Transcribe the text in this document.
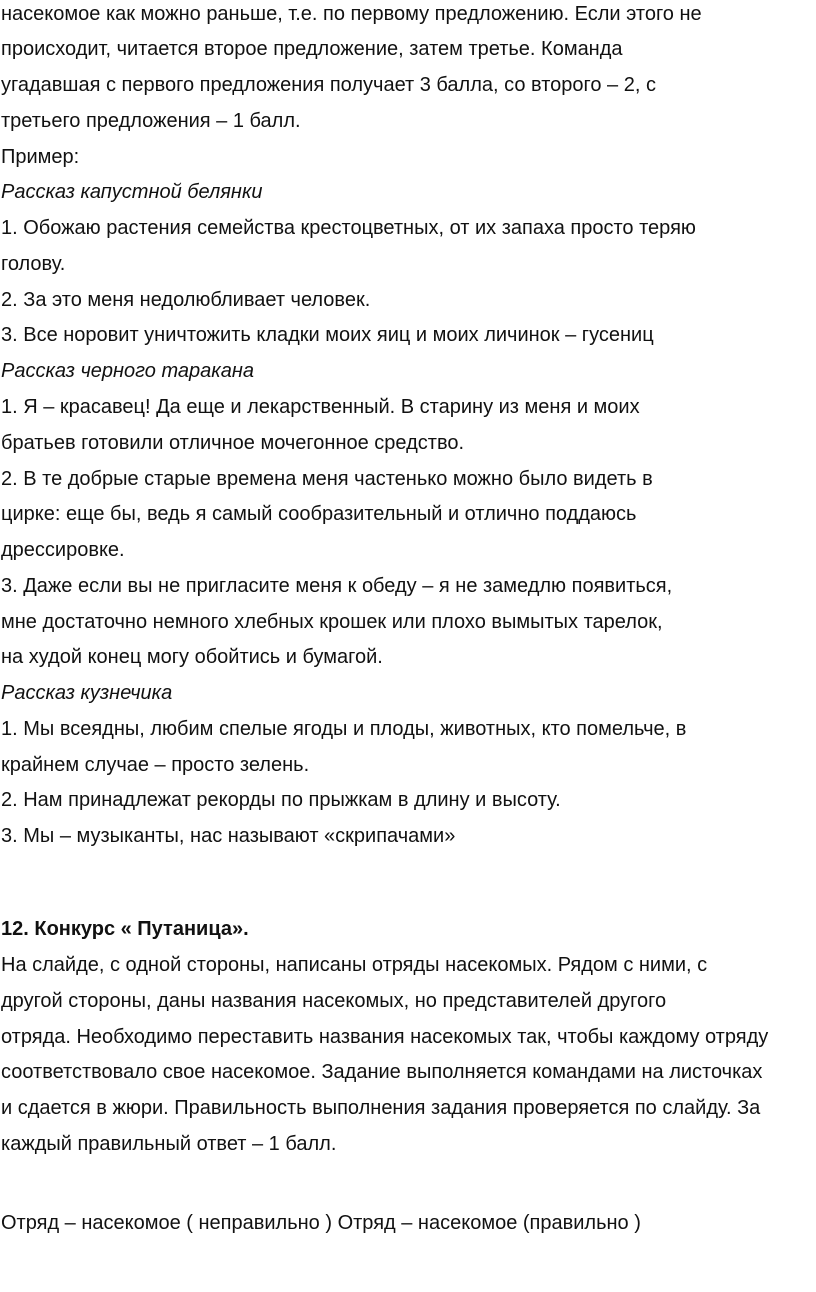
насекомое как можно раньше, т.е. по первому предложению. Если этого не
происходит, читается второе предложение, затем третье. Команда
угадавшая с первого предложения получает 3 балла, со второго – 2, с
третьего предложения – 1 балл.
Пример:
Рассказ капустной белянки
1. Обожаю растения семейства крестоцветных, от их запаха просто теряю
голову.
2. За это меня недолюбливает человек.
3. Все норовит уничтожить кладки моих яиц и моих личинок – гусениц
Рассказ черного таракана
1. Я – красавец! Да еще и лекарственный. В старину из меня и моих
братьев готовили отличное мочегонное средство.
2. В те добрые старые времена меня частенько можно было видеть в
цирке: еще бы, ведь я самый сообразительный и отлично поддаюсь
дрессировке.
3. Даже если вы не пригласите меня к обеду – я не замедлю появиться,
мне достаточно немного хлебных крошек или плохо вымытых тарелок,
на худой конец могу обойтись и бумагой.
Рассказ кузнечика
1. Мы всеядны, любим спелые ягоды и плоды, животных, кто помельче, в
крайнем случае – просто зелень.
2. Нам принадлежат рекорды по прыжкам в длину и высоту.
3. Мы – музыканты, нас называют «скрипачами»
12. Конкурс « Путаница».
На слайде, с одной стороны, написаны отряды насекомых. Рядом с ними, с
другой стороны, даны названия насекомых, но представителей другого
отряда. Необходимо переставить названия насекомых так, чтобы каждому отряду
соответствовало свое насекомое. Задание выполняется командами на листочках
и сдается в жюри. Правильность выполнения задания проверяется по слайду. За
каждый правильный ответ – 1 балл.
Отряд – насекомое ( неправильно ) Отряд – насекомое (правильно )
